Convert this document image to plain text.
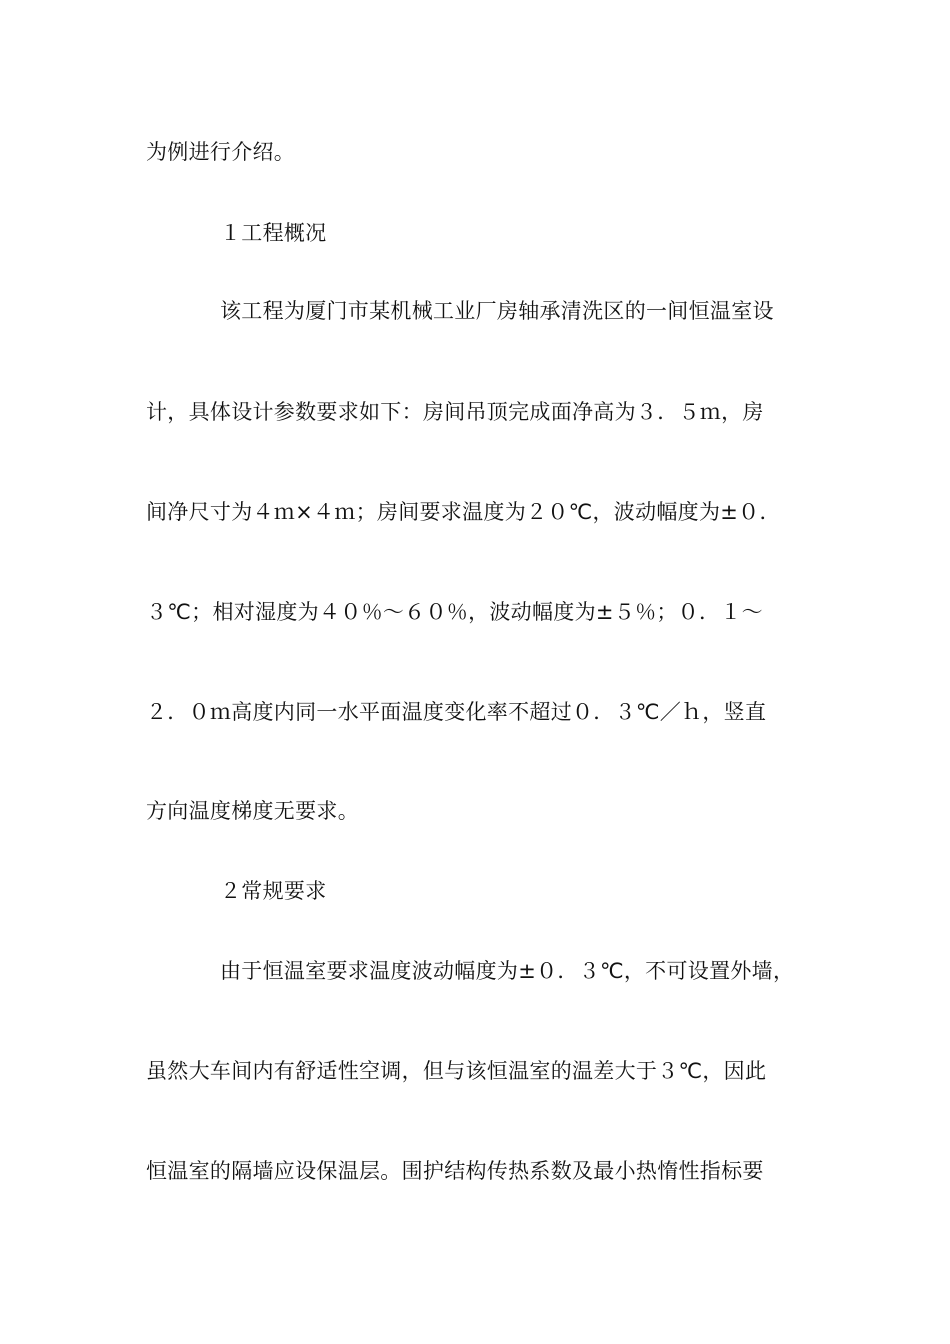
为例进行介绍。
１工程概况
该工程为厦门市某机械工业厂房轴承清洗区的一间恒温室设
计，具体设计参数要求如下：房间吊顶完成面净高为３．５ｍ，房
间净尺寸为４ｍ×４ｍ；房间要求温度为２０℃，波动幅度为±０．
３℃；相对湿度为４０％～６０％，波动幅度为±５％；０．１～
２．０ｍ高度内同一水平面温度变化率不超过０．３℃／ｈ，竖直
方向温度梯度无要求。
２常规要求
由于恒温室要求温度波动幅度为±０．３℃，不可设置外墙，
虽然大车间内有舒适性空调，但与该恒温室的温差大于３℃，因此
恒温室的隔墙应设保温层。围护结构传热系数及最小热惰性指标要
